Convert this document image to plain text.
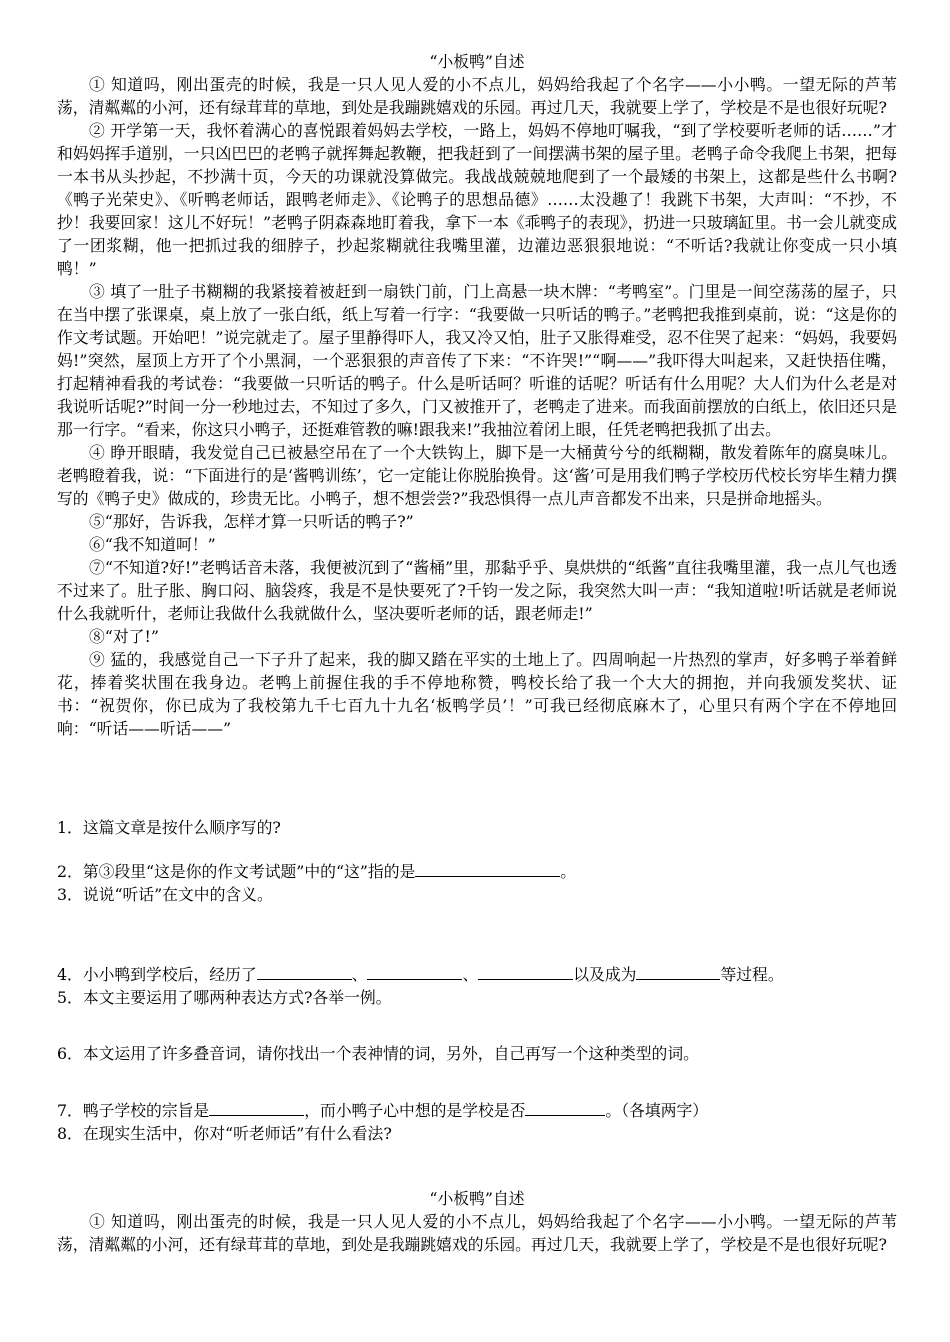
“小板鸭”自述

① 知道吗，刚出蛋壳的时候，我是一只人见人爱的小不点儿，妈妈给我起了个名字——小小鸭。一望无际的芦苇荡，清粼粼的小河，还有绿茸茸的草地，到处是我蹦跳嬉戏的乐园。再过几天，我就要上学了，学校是不是也很好玩呢?

② 开学第一天，我怀着满心的喜悦跟着妈妈去学校，一路上，妈妈不停地叮嘱我，“到了学校要听老师的话……”才和妈妈挥手道别，一只凶巴巴的老鸭子就挥舞起教鞭，把我赶到了一间摆满书架的屋子里。老鸭子命令我爬上书架，把每一本书从头抄起，不抄满十页，今天的功课就没算做完。我战战兢兢地爬到了一个最矮的书架上，这都是些什么书啊?《鸭子光荣史》、《听鸭老师话，跟鸭老师走》、《论鸭子的思想品德》……太没趣了！我跳下书架，大声叫：“不抄，不抄！我要回家！这儿不好玩！”老鸭子阴森森地盯着我，拿下一本《乖鸭子的表现》，扔进一只玻璃缸里。书一会儿就变成了一团浆糊，他一把抓过我的细脖子，抄起浆糊就往我嘴里灌，边灌边恶狠狠地说：“不听话?我就让你变成一只小填鸭！”

③ 填了一肚子书糊糊的我紧接着被赶到一扇铁门前，门上高悬一块木牌：“考鸭室”。门里是一间空荡荡的屋子，只在当中摆了张课桌，桌上放了一张白纸，纸上写着一行字：“我要做一只听话的鸭子。”老鸭把我推到桌前，说：“这是你的作文考试题。开始吧！”说完就走了。屋子里静得吓人，我又冷又怕，肚子又胀得难受，忍不住哭了起来：“妈妈，我要妈妈!”突然，屋顶上方开了个小黑洞，一个恶狠狠的声音传了下来：“不许哭!”“啊——”我吓得大叫起来，又赶快捂住嘴，打起精神看我的考试卷：“我要做一只听话的鸭子。什么是听话呵？听谁的话呢？听话有什么用呢？大人们为什么老是对我说听话呢?”时间一分一秒地过去，不知过了多久，门又被推开了，老鸭走了进来。而我面前摆放的白纸上，依旧还只是那一行字。“看来，你这只小鸭子，还挺难管教的嘛!跟我来!”我抽泣着闭上眼，任凭老鸭把我抓了出去。

④ 睁开眼睛，我发觉自己已被悬空吊在了一个大铁钩上，脚下是一大桶黄兮兮的纸糊糊，散发着陈年的腐臭味儿。老鸭瞪着我，说：“下面进行的是‘酱鸭训练’，它一定能让你脱胎换骨。这‘酱’可是用我们鸭子学校历代校长穷毕生精力撰写的《鸭子史》做成的，珍贵无比。小鸭子，想不想尝尝?”我恐惧得一点儿声音都发不出来，只是拼命地摇头。

⑤“那好，告诉我，怎样才算一只听话的鸭子?”

⑥“我不知道呵！”

⑦“不知道?好!”老鸭话音未落，我便被沉到了“酱桶”里，那黏乎乎、臭烘烘的“纸酱”直往我嘴里灌，我一点儿气也透不过来了。肚子胀、胸口闷、脑袋疼，我是不是快要死了?千钧一发之际，我突然大叫一声：“我知道啦!听话就是老师说什么我就听什，老师让我做什么我就做什么，坚决要听老师的话，跟老师走!”

⑧“对了!”

⑨ 猛的，我感觉自己一下子升了起来，我的脚又踏在平实的土地上了。四周响起一片热烈的掌声，好多鸭子举着鲜花，捧着奖状围在我身边。老鸭上前握住我的手不停地称赞，鸭校长给了我一个大大的拥抱，并向我颁发奖状、证书：“祝贺你，你已成为了我校第九千七百九十九名‘板鸭学员’！”可我已经彻底麻木了，心里只有两个字在不停地回响：“听话——听话——”

1．这篇文章是按什么顺序写的?

2．第③段里“这是你的作文考试题”中的“这”指的是	。

3．说说“听话”在文中的含义。

4．小小鸭到学校后，经历了	、	、	以及成为	等过程。

5．本文主要运用了哪两种表达方式?各举一例。

6．本文运用了许多叠音词，请你找出一个表神情的词，另外，自己再写一个这种类型的词。

7．鸭子学校的宗旨是	，而小鸭子心中想的是学校是否	。（各填两字）

8．在现实生活中，你对“听老师话”有什么看法?

“小板鸭”自述

① 知道吗，刚出蛋壳的时候，我是一只人见人爱的小不点儿，妈妈给我起了个名字——小小鸭。一望无际的芦苇荡，清粼粼的小河，还有绿茸茸的草地，到处是我蹦跳嬉戏的乐园。再过几天，我就要上学了，学校是不是也很好玩呢?
